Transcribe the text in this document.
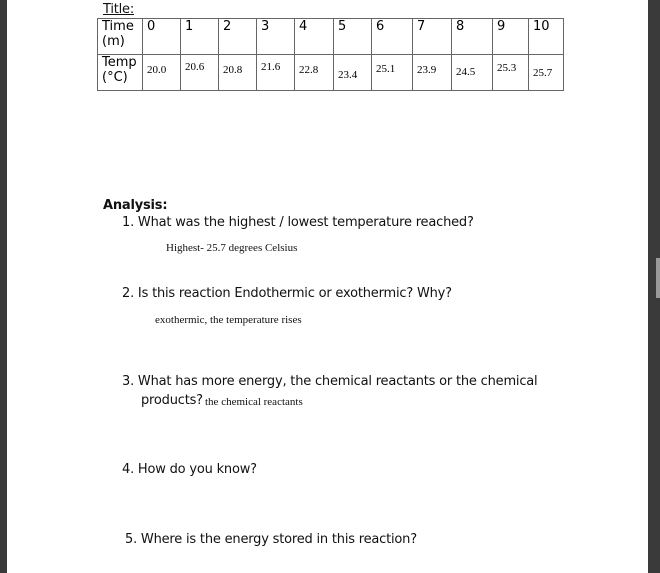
Title:
Time
(m)	0	1	2	3	4	5	6	7	8	9	10
Temp
(°C)	20.0	20.6	20.8	21.6	22.8	23.4	25.1	23.9	24.5	25.3	25.7
Analysis:
1. What was the highest / lowest temperature reached?
Highest- 25.7 degrees Celsius
2. Is this reaction Endothermic or exothermic? Why?
exothermic, the temperature rises
3. What has more energy, the chemical reactants or the chemical
products? the chemical reactants
4. How do you know?
5. Where is the energy stored in this reaction?
